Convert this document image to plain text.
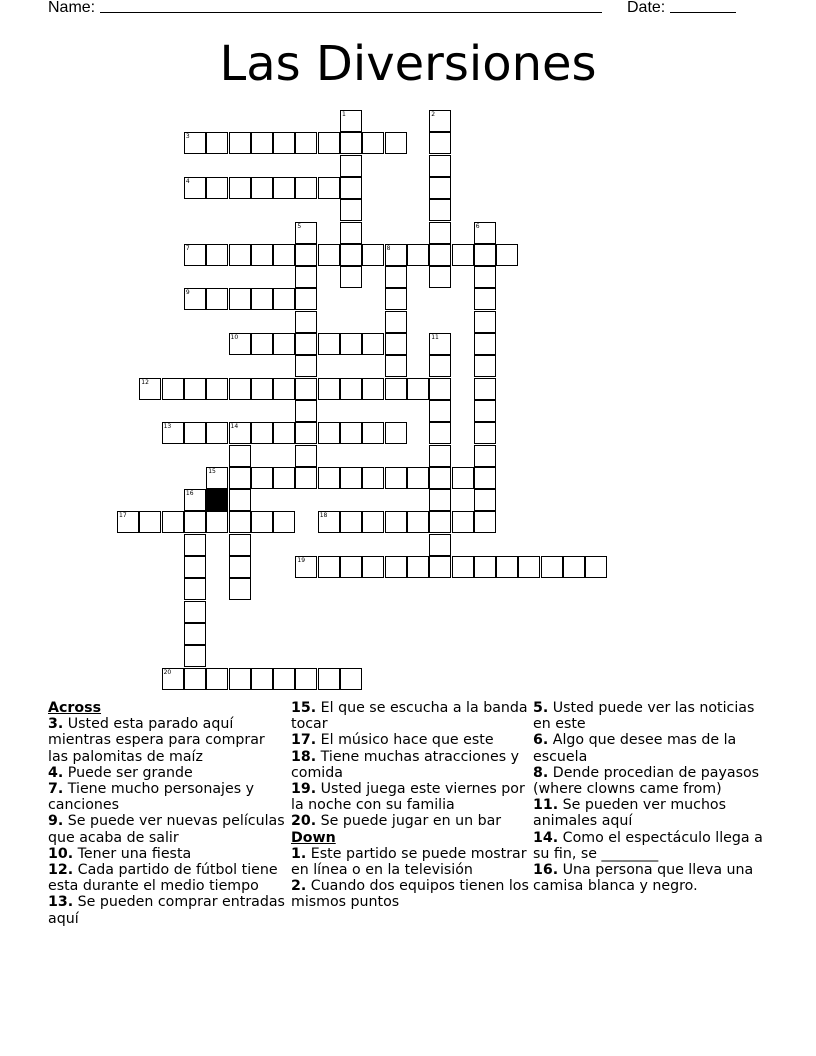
Name:	Date:
Las Diversiones
3
4
7	8
9
10
12
13	14
15
17	18
19
20
1	2
5	6
11
16

Across

3. Usted esta parado aquí mientras espera para comprar las palomitas de maíz

4. Puede ser grande

7. Tiene mucho personajes y canciones

9. Se puede ver nuevas películas que acaba de salir

10. Tener una fiesta

12. Cada partido de fútbol tiene esta durante el medio tiempo

13. Se pueden comprar entradas aquí

15. El que se escucha a la banda tocar

17. El músico hace que este

18. Tiene muchas atracciones y comida

19. Usted juega este viernes por la noche con su familia

20. Se puede jugar en un bar

Down

1. Este partido se puede mostrar en línea o en la televisión

2. Cuando dos equipos tienen los mismos puntos

5. Usted puede ver las noticias en este

6. Algo que desee mas de la escuela

8. Dende procedian de payasos (where clowns came from)

11. Se pueden ver muchos animales aquí

14. Como el espectáculo llega a su fin, se ________

16. Una persona que lleva una camisa blanca y negro.
